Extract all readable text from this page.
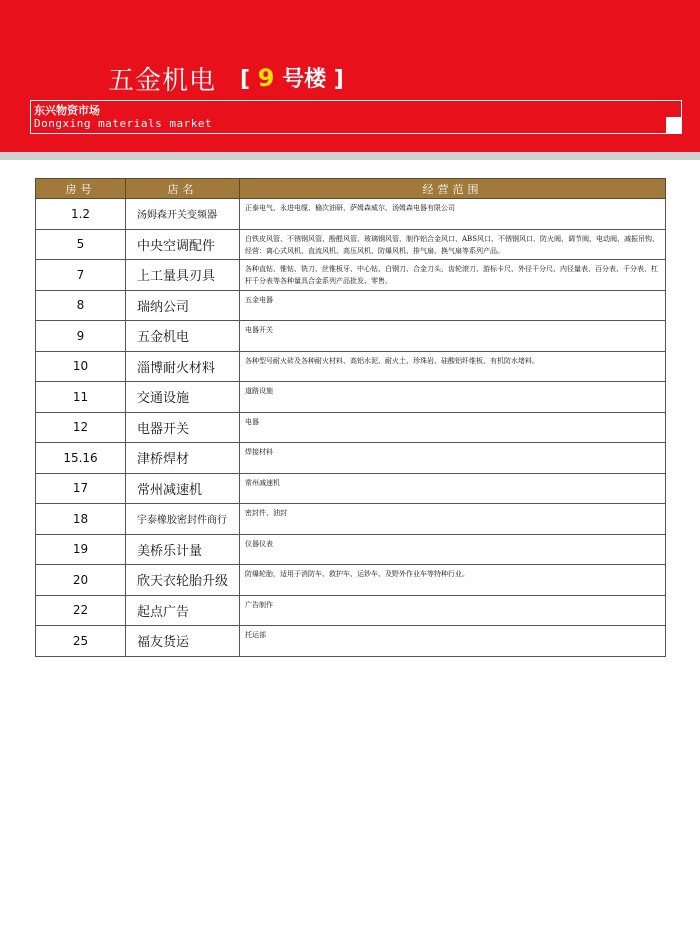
五金机电 [ 9 号楼 ]
东兴物资市场
Dongxing materials market
房号	店名	经营范围
1.2	汤姆森开关变频器	正泰电气、永进电缆、榆次油研、萨姆森威尔、汤姆森电器有限公司
5	中央空调配件	白铁皮风管、不锈钢风管、酚醛风管、玻璃钢风管、制作铝合金风口、ABS风口、不锈钢风口、防火阀、调节阀、电动阀、减振吊钩、经营：离心式风机、直流风机、高压风机、防爆风机、排气扇、换气扇等系列产品。
7	上工量具刃具	各种直钻、锥钻、铣刀、丝锥板牙、中心钻、白钢刀、合金刀头、齿轮滚刀、游标卡尺、外径千分尺、内径量表、百分表、千分表、杠杆千分表等各种量具合金系列产品批发、零售。
8	瑞纳公司	五金电器
9	五金机电	电器开关
10	淄博耐火材料	各种型号耐火砖及各种耐火材料、高铝水泥、耐火土、珍珠岩、硅酸铝纤维板、有机防水堵料。
11	交通设施	道路设施
12	电器开关	电器
15.16	津桥焊材	焊接材料
17	常州减速机	常州减速机
18	宇泰橡胶密封件商行	密封件、油封
19	美桥乐计量	仪器仪表
20	欣天衣轮胎升级	防爆轮胎，适用于消防车、救护车、运钞车、及野外作业车等特种行业。
22	起点广告	广告制作
25	福友货运	托运部
